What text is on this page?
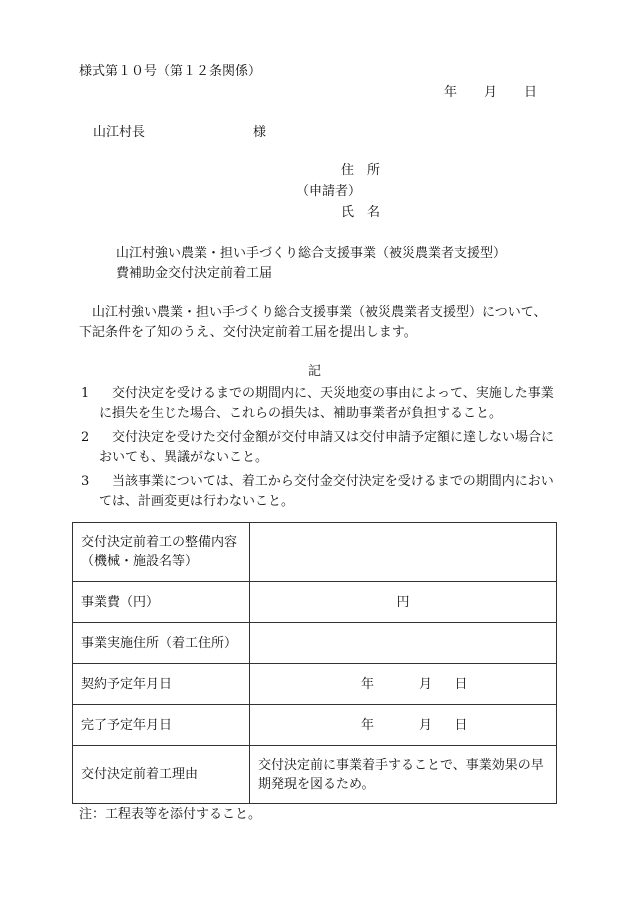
様式第１０号（第１２条関係）
年 月 日
山江村長	様
住　所
（申請者）
氏　名
山江村強い農業・担い手づくり総合支援事業（被災農業者支援型）
費補助金交付決定前着工届
山江村強い農業・担い手づくり総合支援事業（被災農業者支援型）について、下記条件を了知のうえ、交付決定前着工届を提出します。
記
1	交付決定を受けるまでの期間内に、天災地変の事由によって、実施した事業に損失を生じた場合、これらの損失は、補助事業者が負担すること。
2	交付決定を受けた交付金額が交付申請又は交付申請予定額に達しない場合においても、異議がないこと。
3	当該事業については、着工から交付金交付決定を受けるまでの期間内においては、計画変更は行わないこと。
交付決定前着工の整備内容（機械・施設名等）	
事業費（円）	円
事業実施住所（着工住所）	
契約予定年月日	年 月 日
完了予定年月日	年 月 日
交付決定前着工理由	交付決定前に事業着手することで、事業効果の早期発現を図るため。
注：工程表等を添付すること。
